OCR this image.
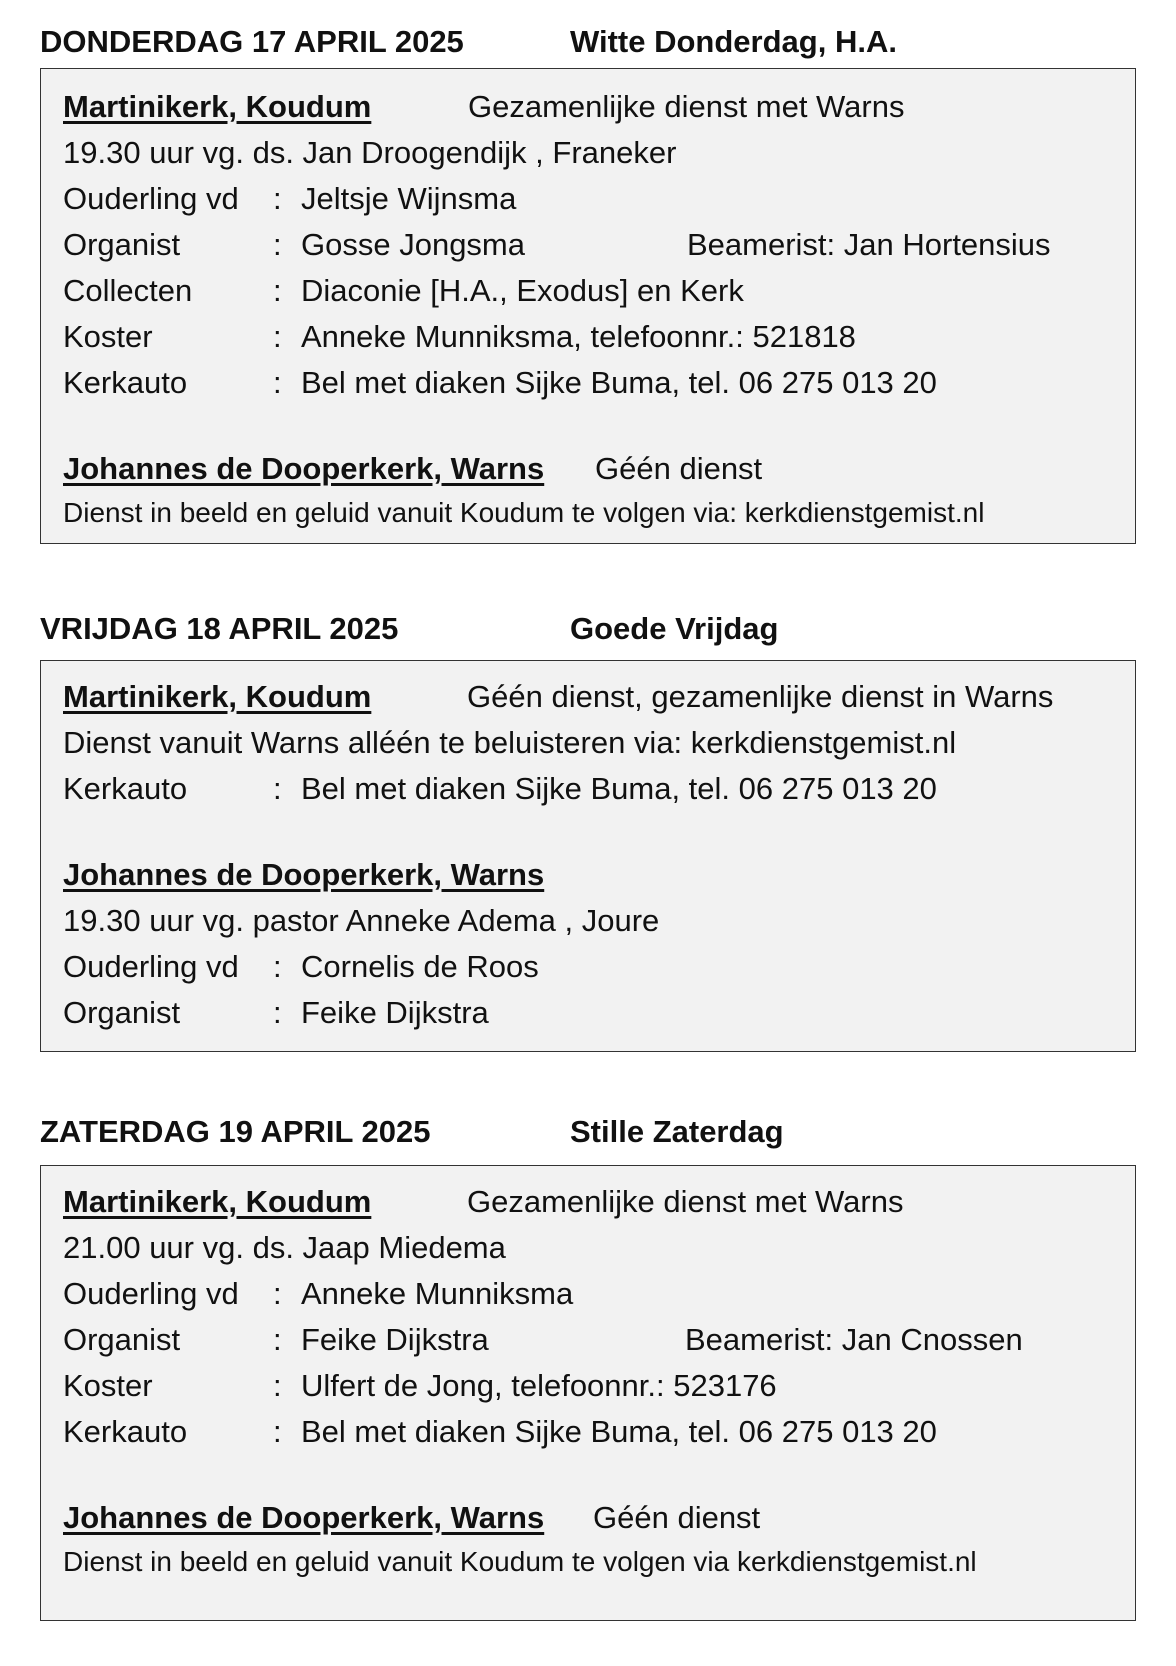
DONDERDAG 17 APRIL 2025	Witte Donderdag, H.A.
Martinikerk, Koudum	Gezamenlijke dienst met Warns
19.30 uur vg. ds. Jan Droogendijk , Franeker
Ouderling vd : Jeltsje Wijnsma
Organist	: Gosse Jongsma	Beamerist: Jan Hortensius
Collecten	: Diaconie [H.A., Exodus] en Kerk
Koster	: Anneke Munniksma, telefoonnr.: 521818
Kerkauto	: Bel met diaken Sijke Buma, tel. 06 275 013 20
Johannes de Dooperkerk, Warns Géén dienst
Dienst in beeld en geluid vanuit Koudum te volgen via: kerkdienstgemist.nl
VRIJDAG 18 APRIL 2025	Goede Vrijdag
Martinikerk, Koudum	Géén dienst, gezamenlijke dienst in Warns
Dienst vanuit Warns alléén te beluisteren via: kerkdienstgemist.nl
Kerkauto	: Bel met diaken Sijke Buma, tel. 06 275 013 20
Johannes de Dooperkerk, Warns
19.30 uur vg. pastor Anneke Adema , Joure
Ouderling vd : Cornelis de Roos
Organist	: Feike Dijkstra
ZATERDAG 19 APRIL 2025	Stille Zaterdag
Martinikerk, Koudum	Gezamenlijke dienst met Warns
21.00 uur vg. ds. Jaap Miedema
Ouderling vd : Anneke Munniksma
Organist	: Feike Dijkstra	Beamerist: Jan Cnossen
Koster	: Ulfert de Jong, telefoonnr.: 523176
Kerkauto	: Bel met diaken Sijke Buma, tel. 06 275 013 20
Johannes de Dooperkerk, Warns Géén dienst
Dienst in beeld en geluid vanuit Koudum te volgen via kerkdienstgemist.nl
